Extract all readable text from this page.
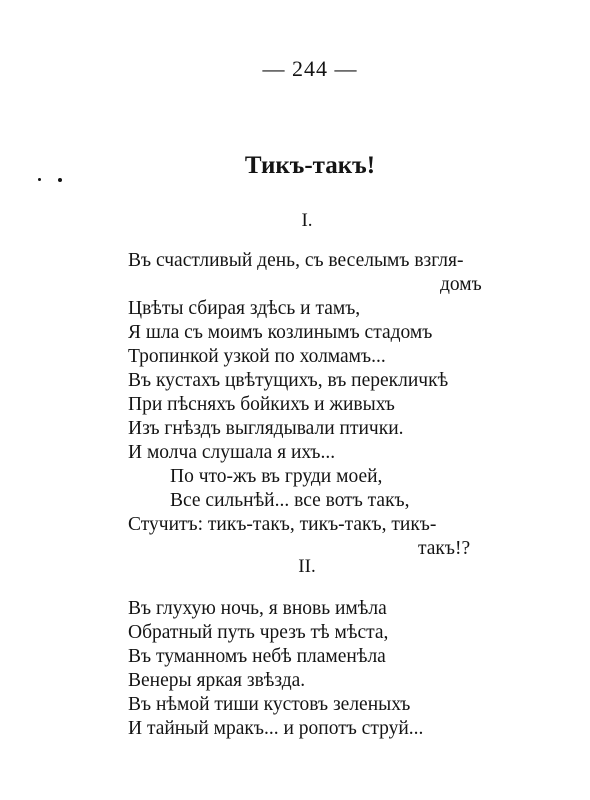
— 244 —
Тикъ-такъ!
I.
Въ счастливый день, съ веселымъ взгля-
домъ
Цвѣты сбирая здѣсь и тамъ,
Я шла съ моимъ козлинымъ стадомъ
Тропинкой узкой по холмамъ...
Въ кустахъ цвѣтущихъ, въ перекличкѣ
При пѣсняхъ бойкихъ и живыхъ
Изъ гнѣздъ выглядывали птички.
И молча слушала я ихъ...
По что-жъ въ груди моей,
Все сильнѣй... все вотъ такъ,
Стучитъ: тикъ-такъ, тикъ-такъ, тикъ-
такъ!?
II.
Въ глухую ночь, я вновь имѣла
Обратный путь чрезъ тѣ мѣста,
Въ туманномъ небѣ пламенѣла
Венеры яркая звѣзда.
Въ нѣмой тиши кустовъ зеленыхъ
И тайный мракъ... и ропотъ струй...
